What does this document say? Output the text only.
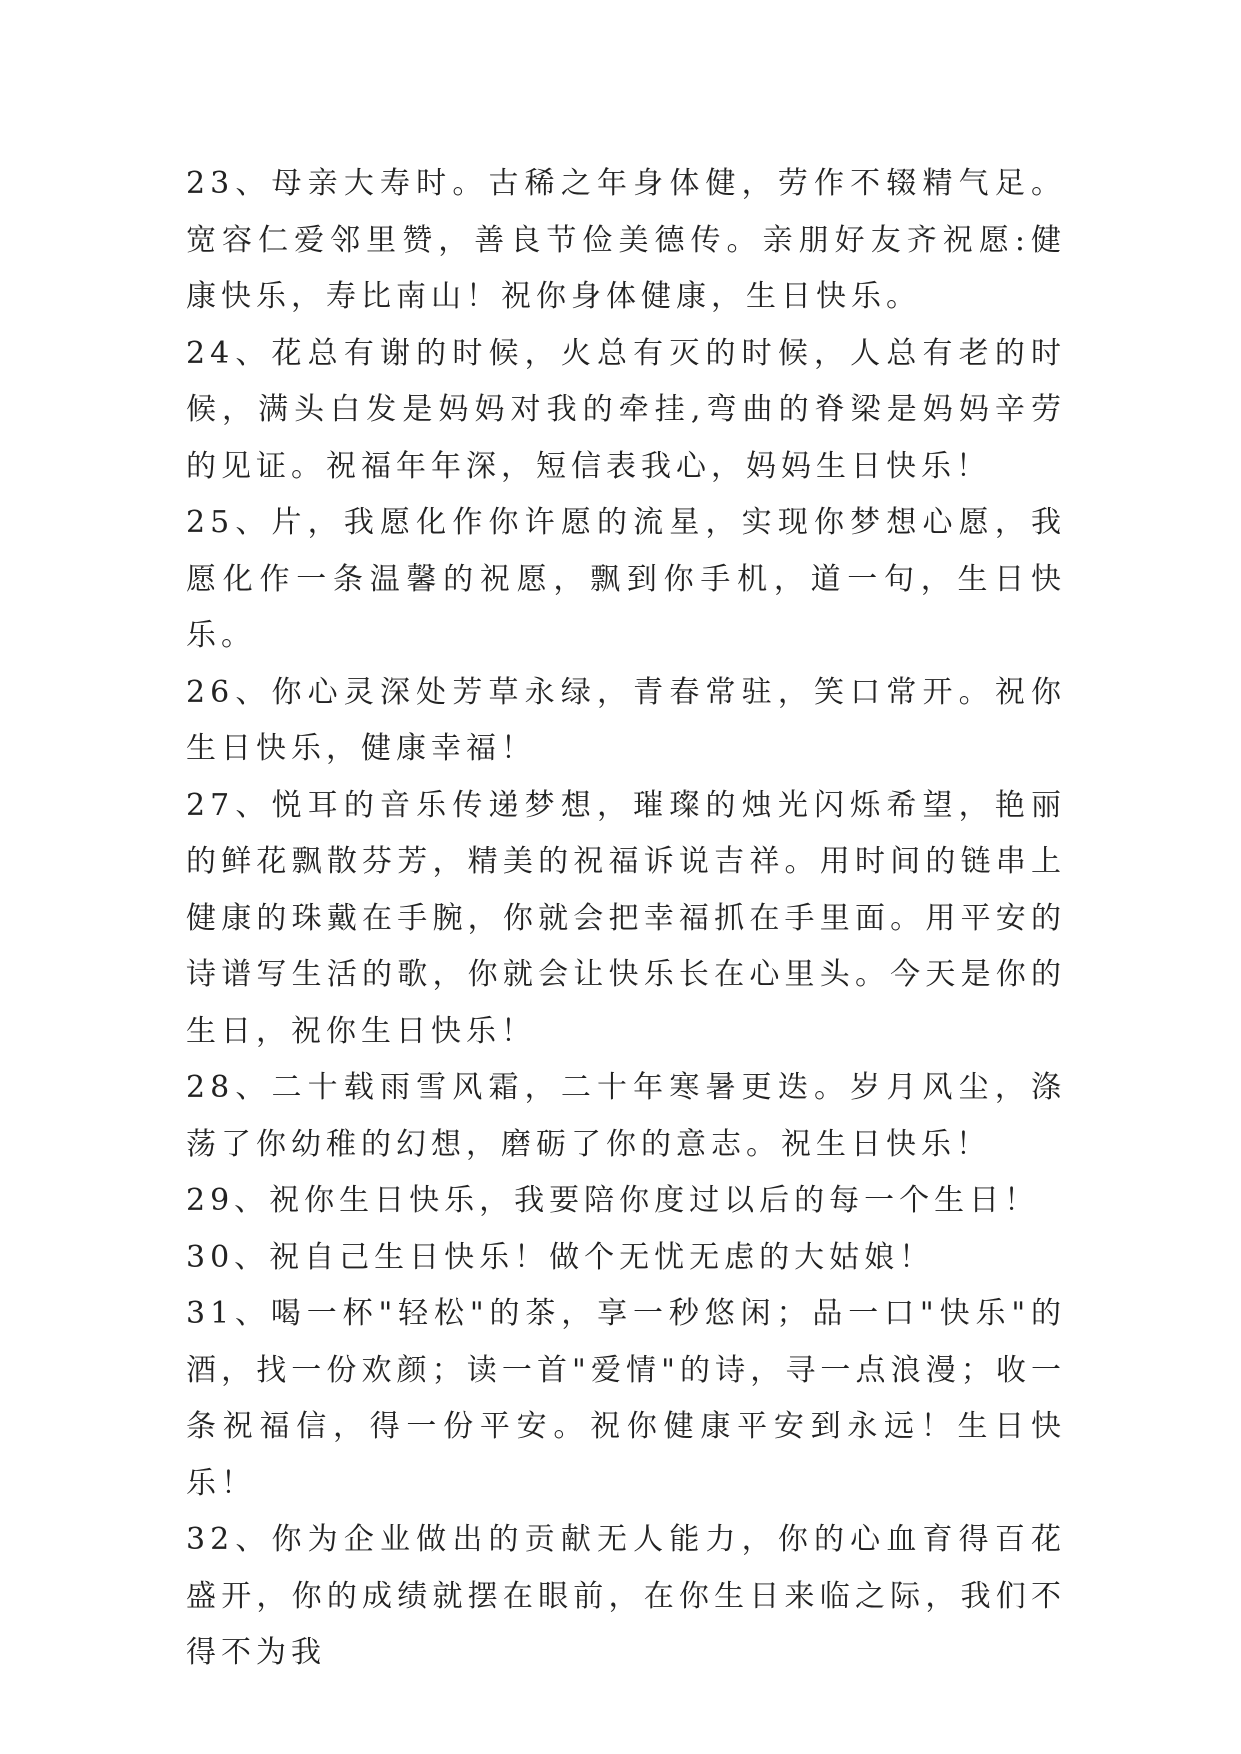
23、母亲大寿时。古稀之年身体健，劳作不辍精气足。宽容仁爱邻里赞，善良节俭美德传。亲朋好友齐祝愿:健康快乐，寿比南山！祝你身体健康，生日快乐。

24、花总有谢的时候，火总有灭的时候，人总有老的时候，满头白发是妈妈对我的牵挂,弯曲的脊梁是妈妈辛劳的见证。祝福年年深，短信表我心，妈妈生日快乐！

25、片，我愿化作你许愿的流星，实现你梦想心愿，我愿化作一条温馨的祝愿，飘到你手机，道一句，生日快乐。

26、你心灵深处芳草永绿，青春常驻，笑口常开。祝你生日快乐，健康幸福！

27、悦耳的音乐传递梦想，璀璨的烛光闪烁希望，艳丽的鲜花飘散芬芳，精美的祝福诉说吉祥。用时间的链串上健康的珠戴在手腕，你就会把幸福抓在手里面。用平安的诗谱写生活的歌，你就会让快乐长在心里头。今天是你的生日，祝你生日快乐！

28、二十载雨雪风霜，二十年寒暑更迭。岁月风尘，涤荡了你幼稚的幻想，磨砺了你的意志。祝生日快乐！

29、祝你生日快乐，我要陪你度过以后的每一个生日！

30、祝自己生日快乐！做个无忧无虑的大姑娘！

31、喝一杯"轻松"的茶，享一秒悠闲；品一口"快乐"的酒，找一份欢颜；读一首"爱情"的诗，寻一点浪漫；收一条祝福信，得一份平安。祝你健康平安到永远！生日快乐！

32、你为企业做出的贡献无人能力，你的心血育得百花盛开，你的成绩就摆在眼前，在你生日来临之际，我们不得不为我
